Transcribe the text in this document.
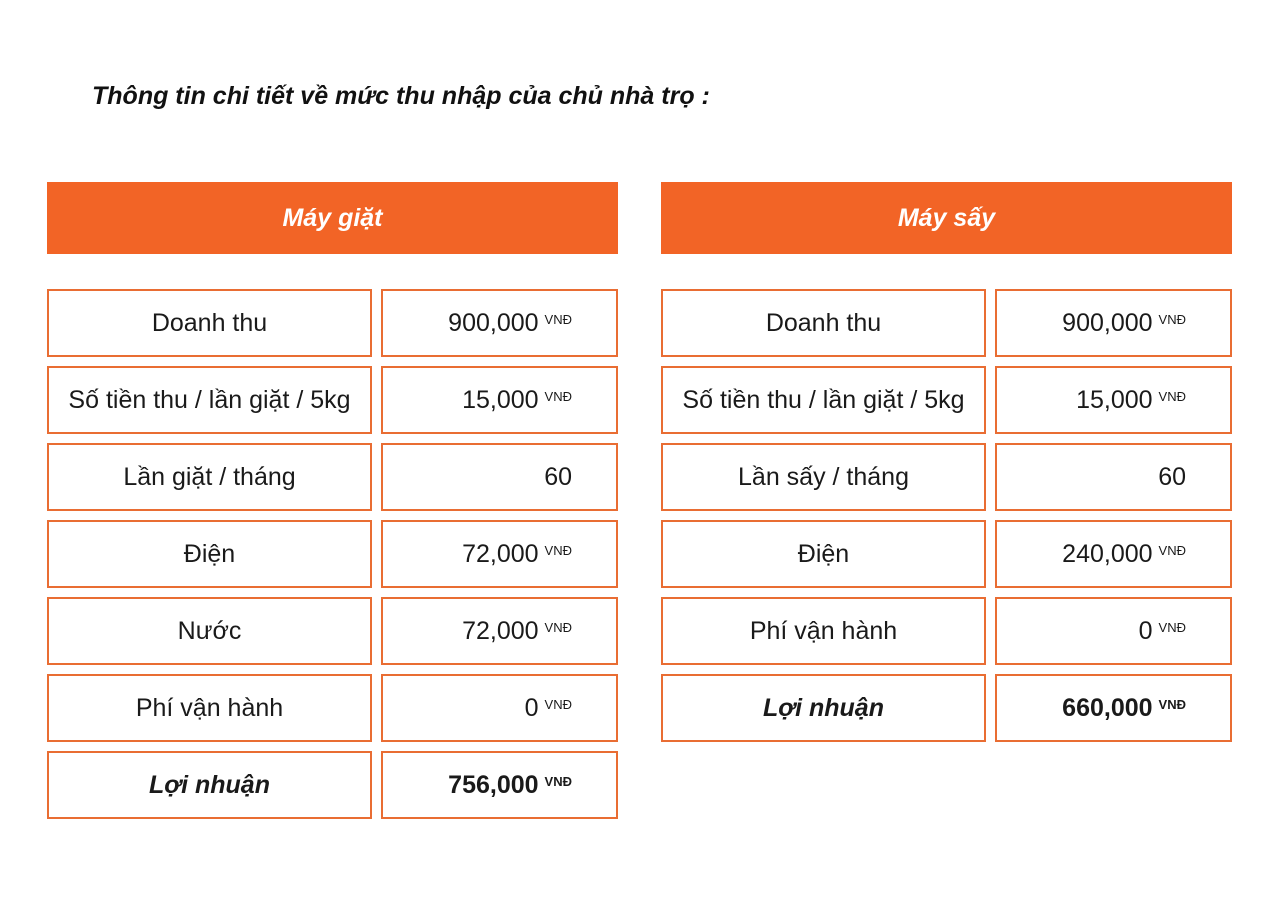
Thông tin chi tiết về mức thu nhập của chủ nhà trọ :
Máy giặt
Doanh thu	900,000 VNĐ
Số tiền thu / lần giặt / 5kg	15,000 VNĐ
Lần giặt / tháng	60
Điện	72,000 VNĐ
Nước	72,000 VNĐ
Phí vận hành	0 VNĐ
Lợi nhuận	756,000 VNĐ
Máy sấy
Doanh thu	900,000 VNĐ
Số tiền thu / lần giặt / 5kg	15,000 VNĐ
Lần sấy / tháng	60
Điện	240,000 VNĐ
Phí vận hành	0 VNĐ
Lợi nhuận	660,000 VNĐ
